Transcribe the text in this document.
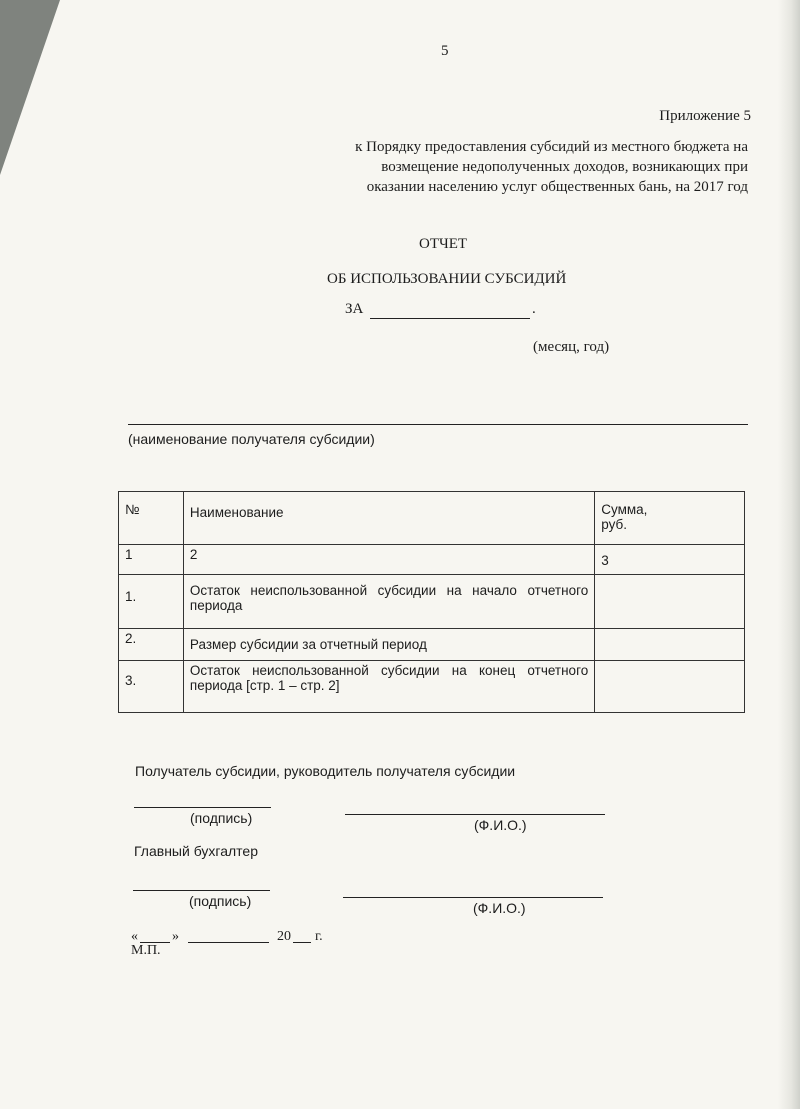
5
Приложение 5
к Порядку предоставления субсидий из местного бюджета на возмещение недополученных доходов, возникающих при оказании населению услуг общественных бань, на 2017 год
ОТЧЕТ
ОБ ИСПОЛЬЗОВАНИИ СУБСИДИЙ
ЗА	.
(месяц, год)
(наименование получателя субсидии)
№	Наименование	Сумма,
руб.
1	2	3
1.	Остаток неиспользованной субсидии на начало отчетного периода	
2.	Размер субсидии за отчетный период	
3.	Остаток неиспользованной субсидии на конец отчетного периода [стр. 1 – стр. 2]	
Получатель субсидии, руководитель получателя субсидии
(подпись)	(Ф.И.О.)
Главный бухгалтер
(подпись)	(Ф.И.О.)
« »	20 г.
М.П.
